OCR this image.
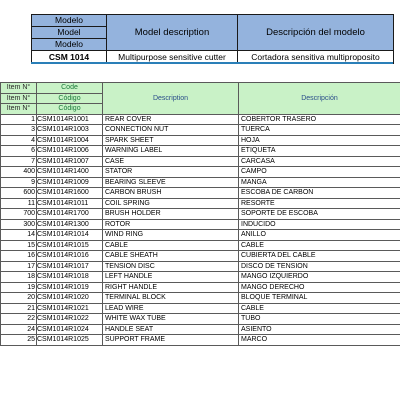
Modelo	Model description	Descripción del modelo
Model		
Modelo		
CSM 1014	Multipurpose sensitive cutter	Cortadora sensitiva multiproposito
Item N°	Code	Description	Descripción
Item N°	Código		
Item N°	Código		
1	CSM1014R1001	REAR COVER	COBERTOR TRASERO
3	CSM1014R1003	CONNECTION NUT	TUERCA
4	CSM1014R1004	SPARK SHEET	HOJA
6	CSM1014R1006	WARNING LABEL	ETIQUETA
7	CSM1014R1007	CASE	CARCASA
400	CSM1014R1400	STATOR	CAMPO
9	CSM1014R1009	BEARING SLEEVE	MANGA
600	CSM1014R1600	CARBON BRUSH	ESCOBA DE CARBON
11	CSM1014R1011	COIL SPRING	RESORTE
700	CSM1014R1700	BRUSH HOLDER	SOPORTE DE ESCOBA
300	CSM1014R1300	ROTOR	INDUCIDO
14	CSM1014R1014	WIND RING	ANILLO
15	CSM1014R1015	CABLE	CABLE
16	CSM1014R1016	CABLE SHEATH	CUBIERTA DEL CABLE
17	CSM1014R1017	TENSION DISC	DISCO DE TENSION
18	CSM1014R1018	LEFT HANDLE	MANGO IZQUIERDO
19	CSM1014R1019	RIGHT HANDLE	MANGO DERECHO
20	CSM1014R1020	TERMINAL BLOCK	BLOQUE TERMINAL
21	CSM1014R1021	LEAD WIRE	CABLE
22	CSM1014R1022	WHITE WAX TUBE	TUBO
24	CSM1014R1024	HANDLE SEAT	ASIENTO
25	CSM1014R1025	SUPPORT FRAME	MARCO
